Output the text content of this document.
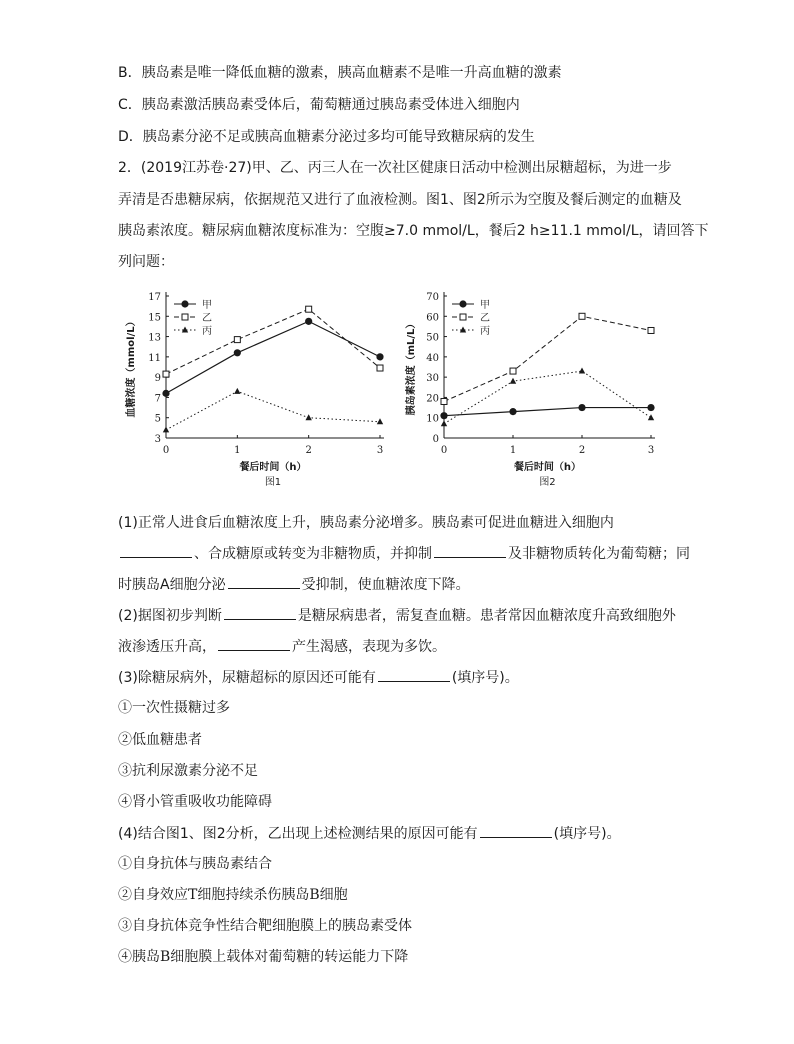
B．胰岛素是唯一降低血糖的激素，胰高血糖素不是唯一升高血糖的激素
C．胰岛素激活胰岛素受体后，葡萄糖通过胰岛素受体进入细胞内
D．胰岛素分泌不足或胰高血糖素分泌过多均可能导致糖尿病的发生
2．(2019江苏卷·27)甲、乙、丙三人在一次社区健康日活动中检测出尿糖超标，为进一步
弄清是否患糖尿病，依据规范又进行了血液检测。图1、图2所示为空腹及餐后测定的血糖及
胰岛素浓度。糖尿病血糖浓度标准为：空腹≥7.0 mmol/L，餐后2 h≥11.1 mmol/L，请回答下
列问题：
3
5
7
9
11
13
15
17
0	1	2	3
血糖浓度（mmol/L）
餐后时间（h）
图1
甲
乙
丙
0
10
20
30
40
50
60
70
0	1	2	3
胰岛素浓度（mL/L）
餐后时间（h）
图2
甲
乙
丙
(1)正常人进食后血糖浓度上升，胰岛素分泌增多。胰岛素可促进血糖进入细胞内
、合成糖原或转变为非糖物质，并抑制	及非糖物质转化为葡萄糖；同
时胰岛A细胞分泌	受抑制，使血糖浓度下降。
(2)据图初步判断	是糖尿病患者，需复查血糖。患者常因血糖浓度升高致细胞外
液渗透压升高，	产生渴感，表现为多饮。
(3)除糖尿病外，尿糖超标的原因还可能有	(填序号)。
①一次性摄糖过多
②低血糖患者
③抗利尿激素分泌不足
④肾小管重吸收功能障碍
(4)结合图1、图2分析，乙出现上述检测结果的原因可能有	(填序号)。
①自身抗体与胰岛素结合
②自身效应T细胞持续杀伤胰岛B细胞
③自身抗体竞争性结合靶细胞膜上的胰岛素受体
④胰岛B细胞膜上载体对葡萄糖的转运能力下降
